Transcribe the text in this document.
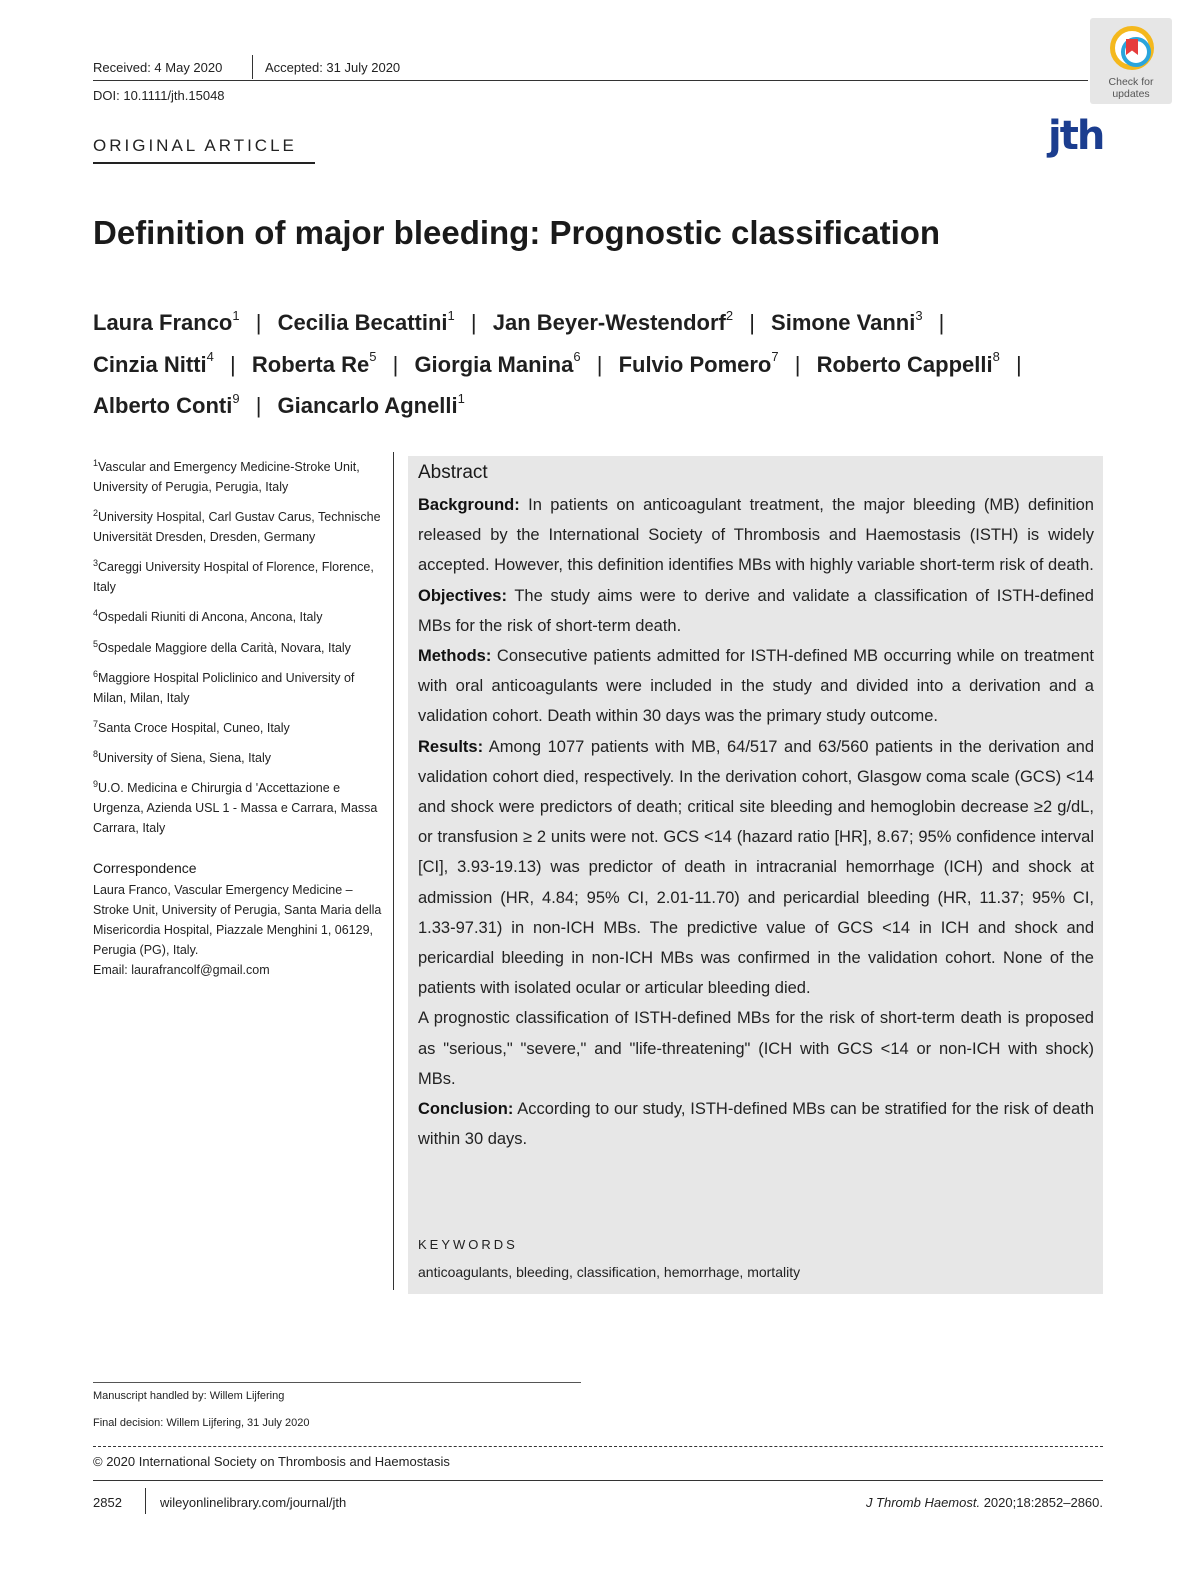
Received: 4 May 2020	Accepted: 31 July 2020
DOI: 10.1111/jth.15048
Check for
updates
jth
ORIGINAL ARTICLE
Definition of major bleeding: Prognostic classification
Laura Franco$^1$ | Cecilia Becattini$^1$ | Jan Beyer-Westendorf$^2$ | Simone Vanni$^3$ |
Cinzia Nitti$^4$ | Roberta Re$^5$ | Giorgia Manina$^6$ | Fulvio Pomero$^7$ | Roberto Cappelli$^8$ |
Alberto Conti$^9$ | Giancarlo Agnelli$^1$
$^1$Vascular and Emergency Medicine-Stroke Unit, University of Perugia, Perugia, Italy
$^2$University Hospital, Carl Gustav Carus, Technische Universität Dresden, Dresden, Germany
$^3$Careggi University Hospital of Florence, Florence, Italy
$^4$Ospedali Riuniti di Ancona, Ancona, Italy
$^5$Ospedale Maggiore della Carità, Novara, Italy
$^6$Maggiore Hospital Policlinico and University of Milan, Milan, Italy
$^7$Santa Croce Hospital, Cuneo, Italy
$^8$University of Siena, Siena, Italy
$^9$U.O. Medicina e Chirurgia d 'Accettazione e Urgenza, Azienda USL 1 - Massa e Carrara, Massa Carrara, Italy
Correspondence
Laura Franco, Vascular Emergency Medicine – Stroke Unit, University of Perugia, Santa Maria della Misericordia Hospital, Piazzale Menghini 1, 06129, Perugia (PG), Italy.
Email: laurafrancolf@gmail.com
Abstract
Background: In patients on anticoagulant treatment, the major bleeding (MB) definition released by the International Society of Thrombosis and Haemostasis (ISTH) is widely accepted. However, this definition identifies MBs with highly variable short-term risk of death.
Objectives: The study aims were to derive and validate a classification of ISTH-defined MBs for the risk of short-term death.
Methods: Consecutive patients admitted for ISTH-defined MB occurring while on treatment with oral anticoagulants were included in the study and divided into a derivation and a validation cohort. Death within 30 days was the primary study outcome.
Results: Among 1077 patients with MB, 64/517 and 63/560 patients in the derivation and validation cohort died, respectively. In the derivation cohort, Glasgow coma scale (GCS) <14 and shock were predictors of death; critical site bleeding and hemoglobin decrease ≥2 g/dL, or transfusion ≥ 2 units were not. GCS <14 (hazard ratio [HR], 8.67; 95% confidence interval [CI], 3.93-19.13) was predictor of death in intracranial hemorrhage (ICH) and shock at admission (HR, 4.84; 95% CI, 2.01-11.70) and pericardial bleeding (HR, 11.37; 95% CI, 1.33-97.31) in non-ICH MBs. The predictive value of GCS <14 in ICH and shock and pericardial bleeding in non-ICH MBs was confirmed in the validation cohort. None of the patients with isolated ocular or articular bleeding died.
A prognostic classification of ISTH-defined MBs for the risk of short-term death is proposed as "serious," "severe," and "life-threatening" (ICH with GCS <14 or non-ICH with shock) MBs.
Conclusion: According to our study, ISTH-defined MBs can be stratified for the risk of death within 30 days.
KEYWORDS
anticoagulants, bleeding, classification, hemorrhage, mortality
Manuscript handled by: Willem Lijfering
Final decision: Willem Lijfering, 31 July 2020
© 2020 International Society on Thrombosis and Haemostasis
2852	wileyonlinelibrary.com/journal/jth	J Thromb Haemost. 2020;18:2852–2860.
